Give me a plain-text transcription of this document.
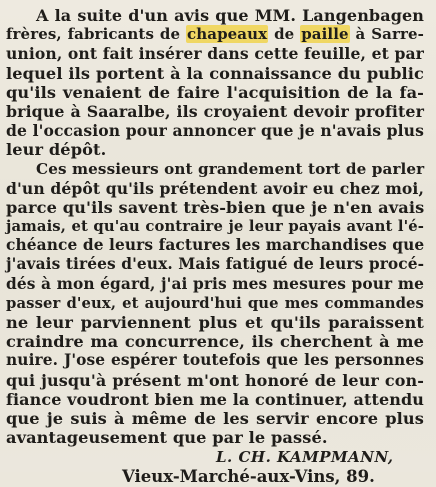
A la suite d'un avis que MM. Langenbagen
frères, fabricants de chapeaux de paille à Sarre-
union, ont fait insérer dans cette feuille, et par
lequel ils portent à la connaissance du public
qu'ils venaient de faire l'acquisition de la fa-
brique à Saaralbe, ils croyaient devoir profiter
de l'occasion pour annoncer que je n'avais plus
leur dépôt.
Ces messieurs ont grandement tort de parler
d'un dépôt qu'ils prétendent avoir eu chez moi,
parce qu'ils savent très-bien que je n'en avais
jamais, et qu'au contraire je leur payais avant l'é-
chéance de leurs factures les marchandises que
j'avais tirées d'eux. Mais fatigué de leurs procé-
dés à mon égard, j'ai pris mes mesures pour me
passer d'eux, et aujourd'hui que mes commandes
ne leur parviennent plus et qu'ils paraissent
craindre ma concurrence, ils cherchent à me
nuire. J'ose espérer toutefois que les personnes
qui jusqu'à présent m'ont honoré de leur con-
fiance voudront bien me la continuer, attendu
que je suis à même de les servir encore plus
avantageusement que par le passé.
L. CH. KAMPMANN,
Vieux-Marché-aux-Vins, 89.
